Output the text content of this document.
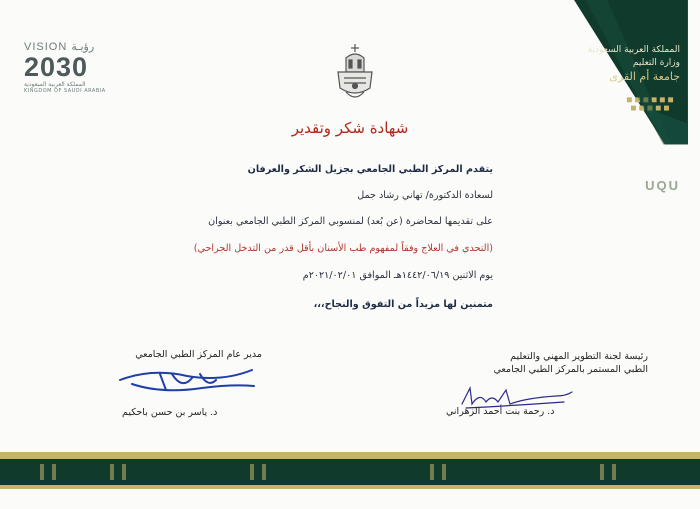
VISION رؤيـة
2030
المملكة العربية السعودية
KINGDOM OF SAUDI ARABIA
المملكة العربية السعودية
وزارة التعليم
جامعة أم القرى
UQU
شهادة شكر وتقدير
يتقدم المركز الطبي الجامعي بجزيل الشكر والعرفان
لسعادة الدكتورة/ تهاني رشاد جمل
على تقديمها لمحاضرة (عن بُعد) لمنسوبي المركز الطبي الجامعي بعنوان
(التحدي في العلاج وفقاً لمفهوم طب الأسنان بأقل قدر من التدخل الجراحي)
يوم الاثنين ١٤٤٢/٠٦/١٩هـ الموافق ٢٠٢١/٠٢/٠١م
متمنين لها مزيداً من التفوق والنجاح،،،
مدير عام المركز الطبي الجامعي
د. ياسر بن حسن باحكيم
رئيسة لجنة التطوير المهني والتعليم
الطبي المستمر بالمركز الطبي الجامعي
د. رحمة بنت أحمد الزهراني
